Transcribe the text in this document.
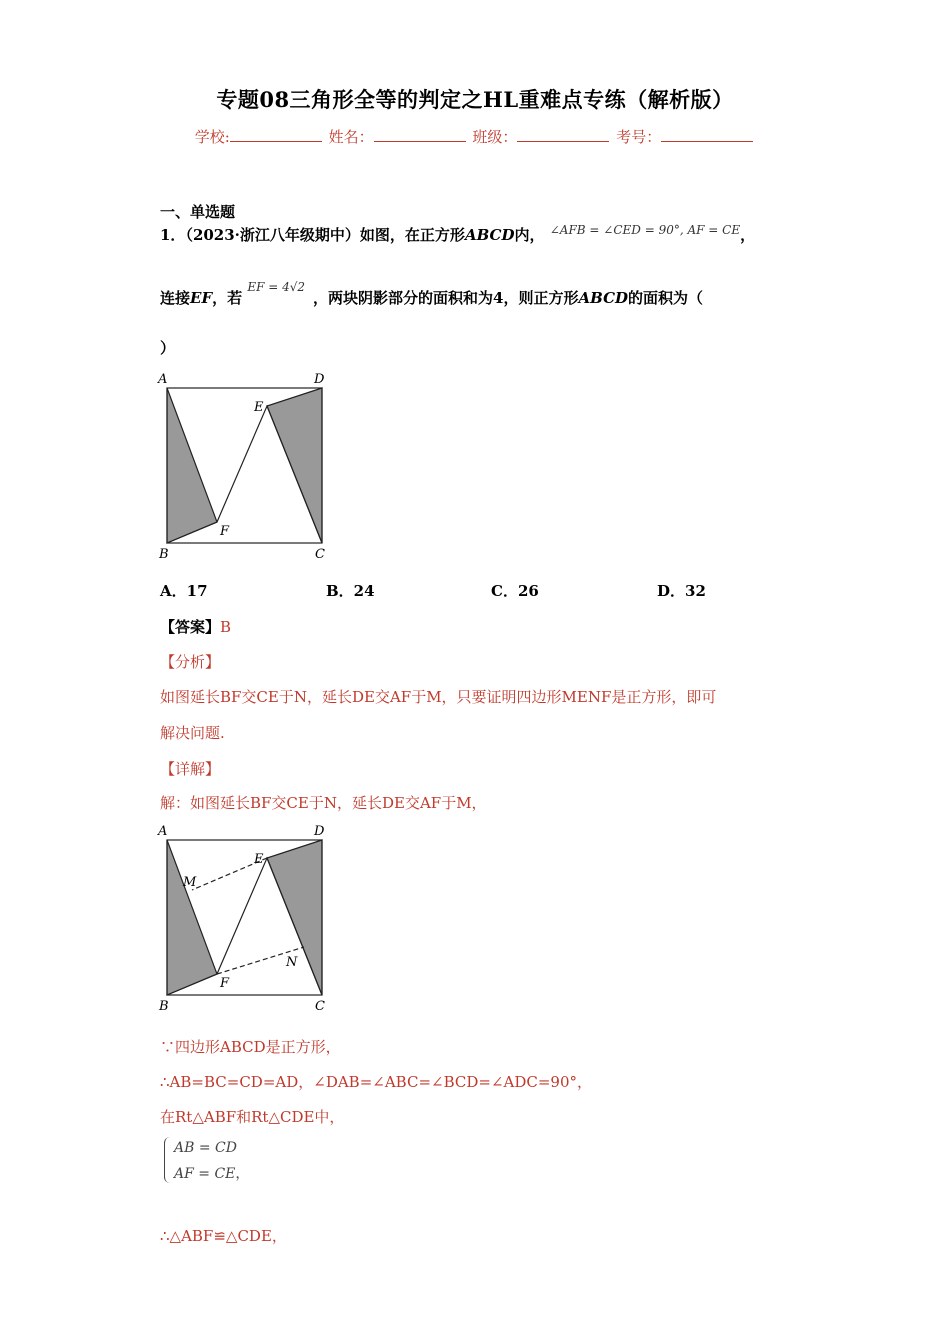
专题08三角形全等的判定之HL重难点专练（解析版）
学校:	姓名：	班级：	考号：
一、单选题
1．（2023·浙江八年级期中）如图，在正方形ABCD内， $^{\angle AFB = \angle CED = 90^\circ, AF = CE}$，
连接EF，若 $^{EF = 4√2}$，两块阴影部分的面积和为4，则正方形ABCD的面积为（
）
A	D
B	C
E
F
A．17	B．24	C．26	D．32
【答案】B
【分析】
如图延长BF交CE于N，延长DE交AF于M，只要证明四边形MENF是正方形，即可
解决问题.
【详解】
解：如图延长BF交CE于N，延长DE交AF于M，
A	D
B	C
E
F
M
N
∵四边形ABCD是正方形，
∴AB=BC=CD=AD，∠DAB=∠ABC=∠BCD=∠ADC=90°，
在Rt△ABF和Rt△CDE中，
AB = CD
AF = CE，
∴△ABF≌△CDE，
